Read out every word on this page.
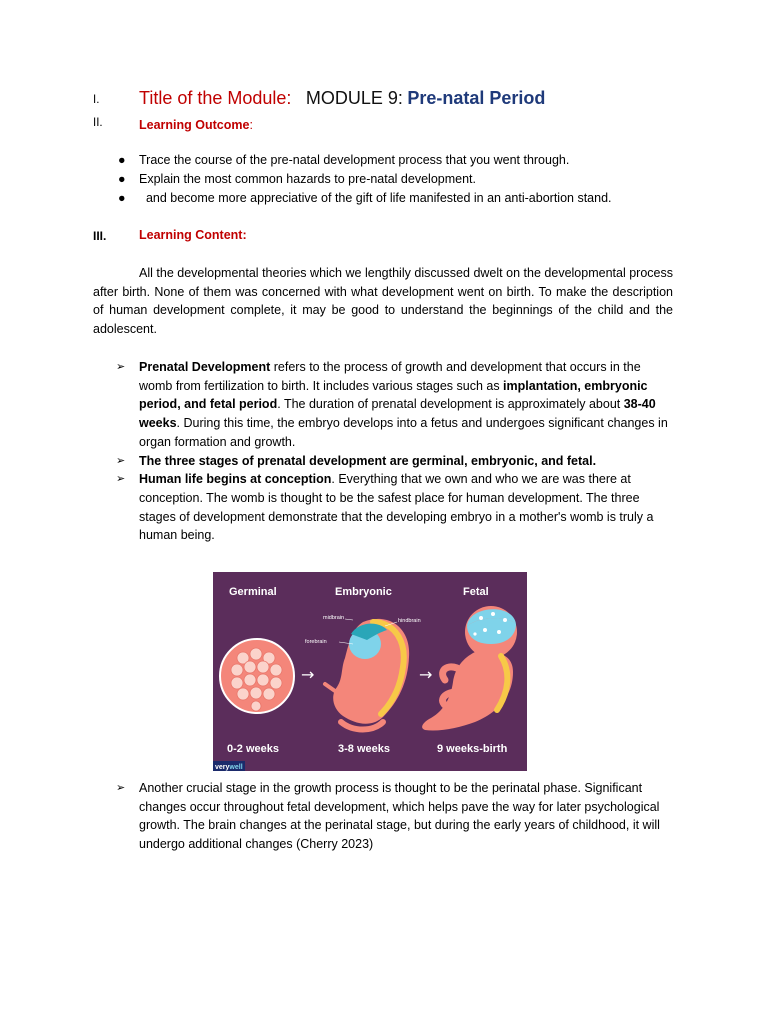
I. Title of the Module: MODULE 9: Pre-natal Period
II.	Learning Outcome:
● Trace the course of the pre-natal development process that you went through.
● Explain the most common hazards to pre-natal development.
● and become more appreciative of the gift of life manifested in an anti-abortion stand.
III.	Learning Content:
All the developmental theories which we lengthily discussed dwelt on the developmental process after birth. None of them was concerned with what development went on birth. To make the description of human development complete, it may be good to understand the beginnings of the child and the adolescent.
➢ Prenatal Development refers to the process of growth and development that occurs in the womb from fertilization to birth. It includes various stages such as implantation, embryonic period, and fetal period. The duration of prenatal development is approximately about 38-40 weeks. During this time, the embryo develops into a fetus and undergoes significant changes in organ formation and growth.
➢ The three stages of prenatal development are germinal, embryonic, and fetal.
➢ Human life begins at conception. Everything that we own and who we are was there at conception. The womb is thought to be the safest place for human development. The three stages of development demonstrate that the developing embryo in a mother's womb is truly a human being.
Germinal	Embryonic	Fetal
→	→
midbrain	hindbrain
forebrain
0-2 weeks	3-8 weeks	9 weeks-birth
verywell
➢ Another crucial stage in the growth process is thought to be the perinatal phase. Significant changes occur throughout fetal development, which helps pave the way for later psychological growth. The brain changes at the perinatal stage, but during the early years of childhood, it will undergo additional changes (Cherry 2023)
